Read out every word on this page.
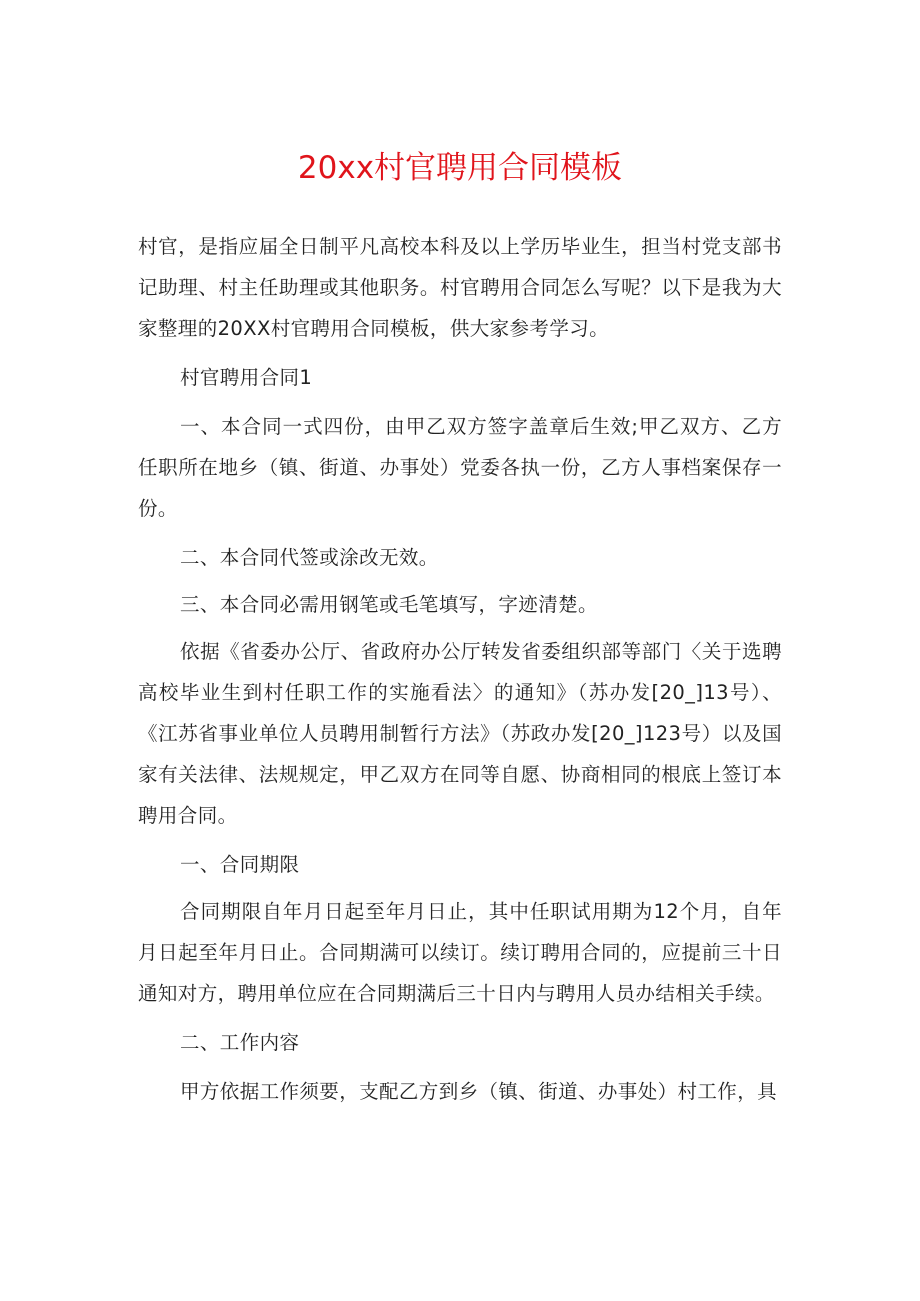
20xx村官聘用合同模板

村官，是指应届全日制平凡高校本科及以上学历毕业生，担当村党支部书记助理、村主任助理或其他职务。村官聘用合同怎么写呢？以下是我为大家整理的20XX村官聘用合同模板，供大家参考学习。

村官聘用合同1

一、本合同一式四份，由甲乙双方签字盖章后生效;甲乙双方、乙方任职所在地乡（镇、街道、办事处）党委各执一份，乙方人事档案保存一份。

二、本合同代签或涂改无效。

三、本合同必需用钢笔或毛笔填写，字迹清楚。

依据《省委办公厅、省政府办公厅转发省委组织部等部门〈关于选聘高校毕业生到村任职工作的实施看法〉的通知》（苏办发[20_]13号）、《江苏省事业单位人员聘用制暂行方法》（苏政办发[20_]123号）以及国家有关法律、法规规定，甲乙双方在同等自愿、协商相同的根底上签订本聘用合同。

一、合同期限

合同期限自年月日起至年月日止，其中任职试用期为12个月，自年月日起至年月日止。合同期满可以续订。续订聘用合同的，应提前三十日通知对方，聘用单位应在合同期满后三十日内与聘用人员办结相关手续。

二、工作内容

甲方依据工作须要，支配乙方到乡（镇、街道、办事处）村工作，具
